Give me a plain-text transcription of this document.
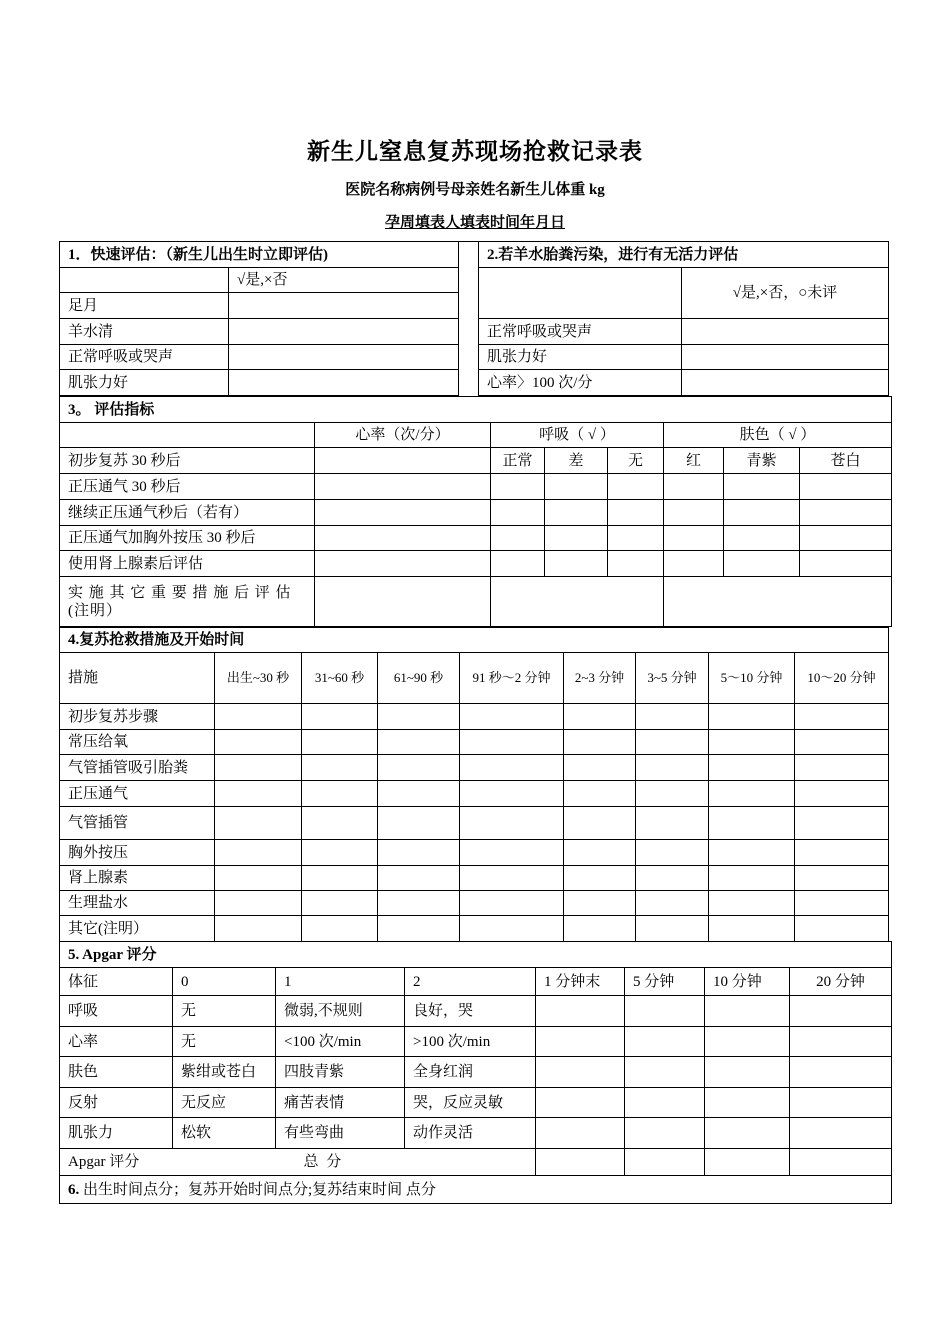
新生儿窒息复苏现场抢救记录表
医院名称病例号母亲姓名新生儿体重 kg
孕周填表人填表时间年月日
1．快速评估：（新生儿出生时立即评估)			2.若羊水胎粪污染，进行有无活力评估	
	√是,×否			√是,×否，○未评
足月				
羊水清			正常呼吸或哭声	
正常呼吸或哭声			肌张力好	
肌张力好			心率〉100 次/分	
3。 评估指标							
	心率（次/分）	呼吸（ √ ）			肤色（ √ ）		
初步复苏 30 秒后		正常	差	无	红	青紫	苍白
正压通气 30 秒后							
继续正压通气秒后（若有）							
正压通气加胸外按压 30 秒后							
使用肾上腺素后评估							
实 施 其 它 重 要 措 施 后 评 估 (注明）							
4.复苏抢救措施及开始时间								
措施	出生~30 秒	31~60 秒	61~90 秒	91 秒～2 分钟	2~3 分钟	3~5 分钟	5～10 分钟	10～20 分钟
初步复苏步骤								
常压给氧								
气管插管吸引胎粪								
正压通气								
气管插管								
胸外按压								
肾上腺素								
生理盐水								
其它(注明）								
5. Apgar 评分							
体征	0	1	2	1 分钟末	5 分钟	10 分钟	20 分钟
呼吸	无	微弱,不规则	良好，哭				
心率	无	<100 次/min	>100 次/min				
肤色	紫绀或苍白	四肢青紫	全身红润				
反射	无反应	痛苦表情	哭，反应灵敏				
肌张力	松软	有些弯曲	动作灵活				
Apgar 评分		总 分					
6. 出生时间点分；复苏开始时间点分;复苏结束时间 点分							
